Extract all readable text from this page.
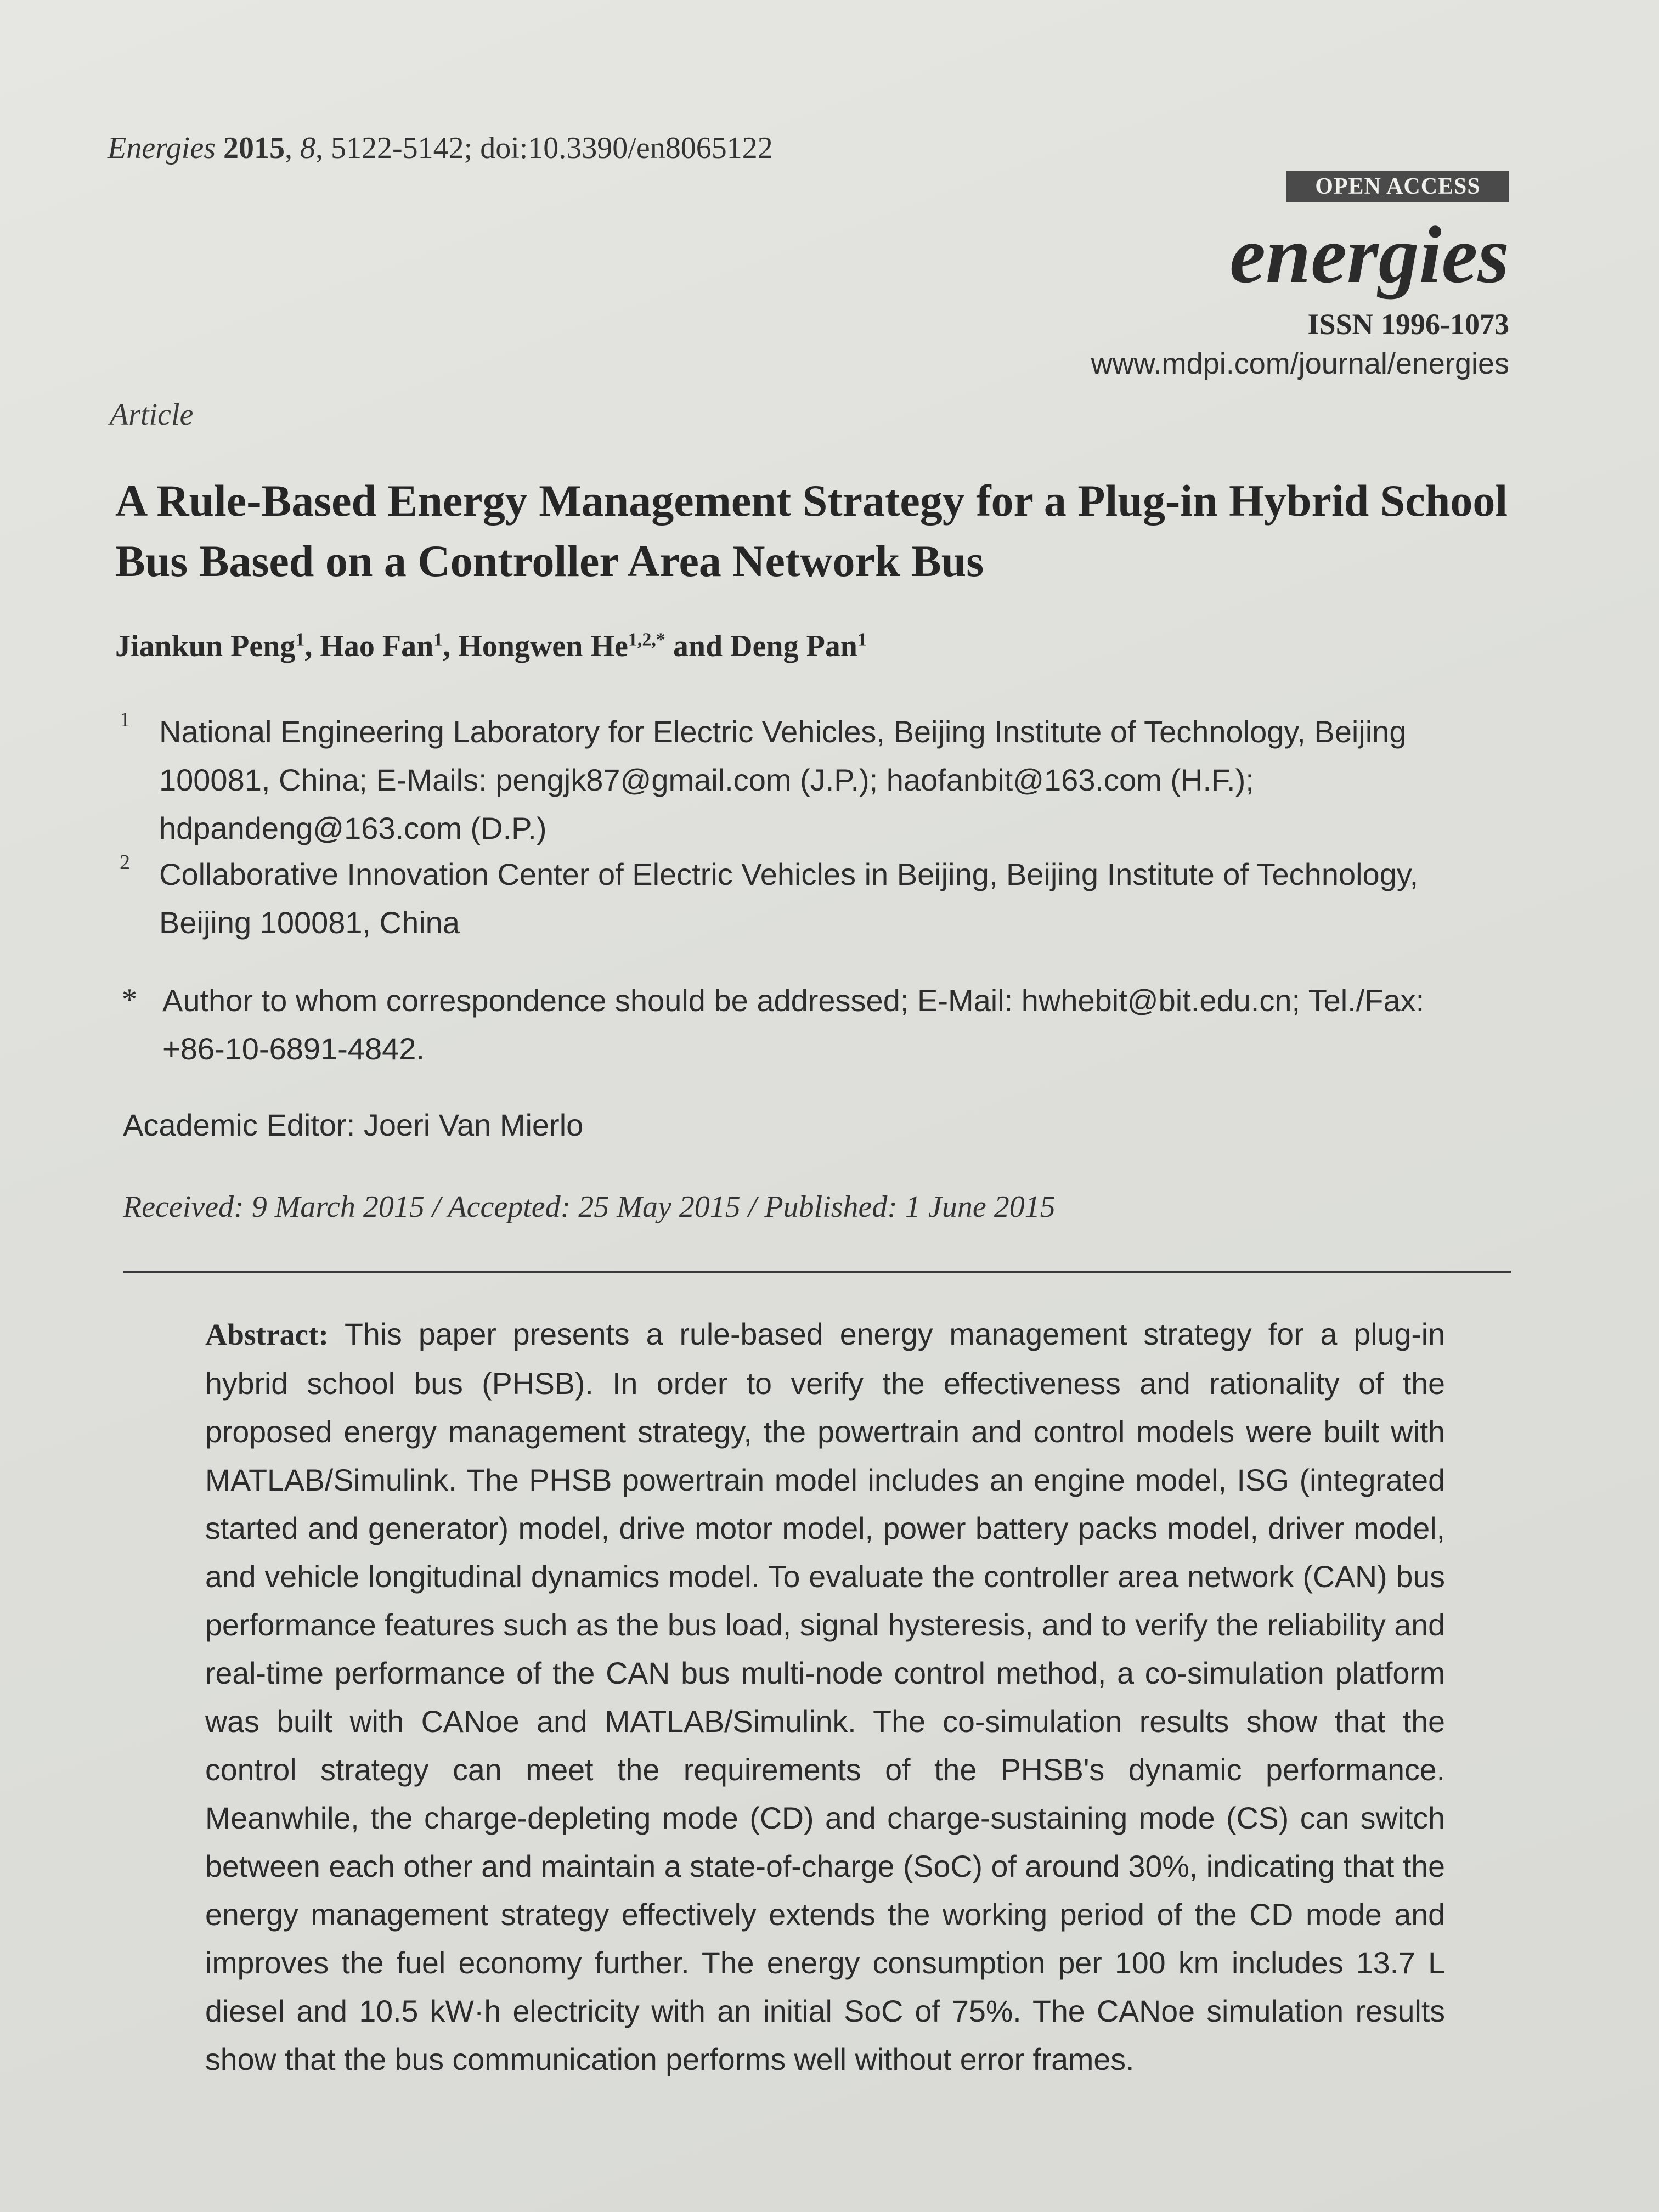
Energies 2015, 8, 5122-5142; doi:10.3390/en8065122
OPEN ACCESS
energies
ISSN 1996-1073
www.mdpi.com/journal/energies
Article
A Rule-Based Energy Management Strategy for a Plug-in Hybrid School Bus Based on a Controller Area Network Bus
Jiankun Peng$^1$, Hao Fan$^1$, Hongwen $He^{1,2,*}$ and Deng Pan$^1$
1 National Engineering Laboratory for Electric Vehicles, Beijing Institute of Technology, Beijing 100081, China; E-Mails: pengjk87@gmail.com (J.P.); haofanbit@163.com (H.F.); hdpandeng@163.com (D.P.)
2 Collaborative Innovation Center of Electric Vehicles in Beijing, Beijing Institute of Technology, Beijing 100081, China
* Author to whom correspondence should be addressed; E-Mail: hwhebit@bit.edu.cn; Tel./Fax: +86-10-6891-4842.
Academic Editor: Joeri Van Mierlo
Received: 9 March 2015 / Accepted: 25 May 2015 / Published: 1 June 2015
Abstract: This paper presents a rule-based energy management strategy for a plug-in hybrid school bus (PHSB). In order to verify the effectiveness and rationality of the proposed energy management strategy, the powertrain and control models were built with MATLAB/Simulink. The PHSB powertrain model includes an engine model, ISG (integrated started and generator) model, drive motor model, power battery packs model, driver model, and vehicle longitudinal dynamics model. To evaluate the controller area network (CAN) bus performance features such as the bus load, signal hysteresis, and to verify the reliability and real-time performance of the CAN bus multi-node control method, a co-simulation platform was built with CANoe and MATLAB/Simulink. The co-simulation results show that the control strategy can meet the requirements of the PHSB's dynamic performance. Meanwhile, the charge-depleting mode (CD) and charge-sustaining mode (CS) can switch between each other and maintain a state-of-charge (SoC) of around 30%, indicating that the energy management strategy effectively extends the working period of the CD mode and improves the fuel economy further. The energy consumption per 100 km includes 13.7 L diesel and 10.5 kW·h electricity with an initial SoC of 75%. The CANoe simulation results show that the bus communication performs well without error frames.
